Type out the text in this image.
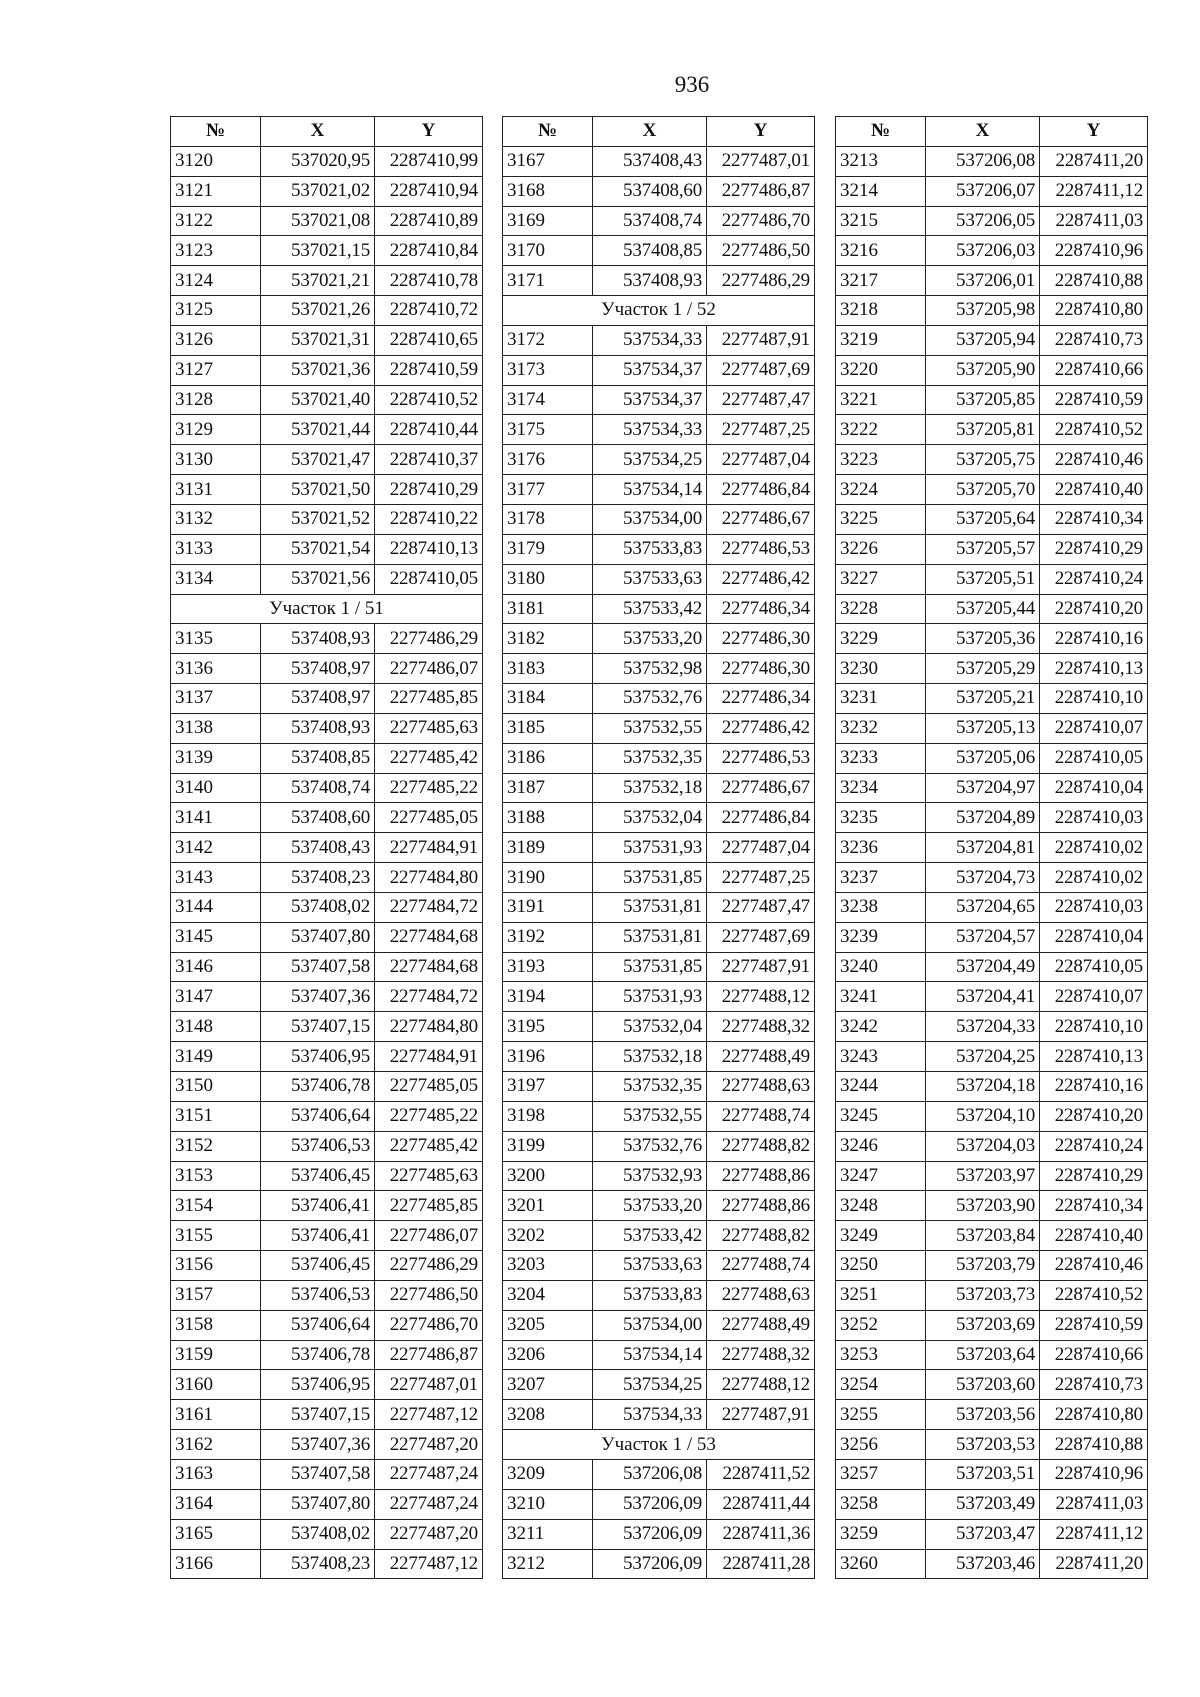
936
№	X	Y
3120	537020,95	2287410,99
3121	537021,02	2287410,94
3122	537021,08	2287410,89
3123	537021,15	2287410,84
3124	537021,21	2287410,78
3125	537021,26	2287410,72
3126	537021,31	2287410,65
3127	537021,36	2287410,59
3128	537021,40	2287410,52
3129	537021,44	2287410,44
3130	537021,47	2287410,37
3131	537021,50	2287410,29
3132	537021,52	2287410,22
3133	537021,54	2287410,13
3134	537021,56	2287410,05
Участок 1 / 51		
3135	537408,93	2277486,29
3136	537408,97	2277486,07
3137	537408,97	2277485,85
3138	537408,93	2277485,63
3139	537408,85	2277485,42
3140	537408,74	2277485,22
3141	537408,60	2277485,05
3142	537408,43	2277484,91
3143	537408,23	2277484,80
3144	537408,02	2277484,72
3145	537407,80	2277484,68
3146	537407,58	2277484,68
3147	537407,36	2277484,72
3148	537407,15	2277484,80
3149	537406,95	2277484,91
3150	537406,78	2277485,05
3151	537406,64	2277485,22
3152	537406,53	2277485,42
3153	537406,45	2277485,63
3154	537406,41	2277485,85
3155	537406,41	2277486,07
3156	537406,45	2277486,29
3157	537406,53	2277486,50
3158	537406,64	2277486,70
3159	537406,78	2277486,87
3160	537406,95	2277487,01
3161	537407,15	2277487,12
3162	537407,36	2277487,20
3163	537407,58	2277487,24
3164	537407,80	2277487,24
3165	537408,02	2277487,20
3166	537408,23	2277487,12
№	X	Y
3167	537408,43	2277487,01
3168	537408,60	2277486,87
3169	537408,74	2277486,70
3170	537408,85	2277486,50
3171	537408,93	2277486,29
Участок 1 / 52		
3172	537534,33	2277487,91
3173	537534,37	2277487,69
3174	537534,37	2277487,47
3175	537534,33	2277487,25
3176	537534,25	2277487,04
3177	537534,14	2277486,84
3178	537534,00	2277486,67
3179	537533,83	2277486,53
3180	537533,63	2277486,42
3181	537533,42	2277486,34
3182	537533,20	2277486,30
3183	537532,98	2277486,30
3184	537532,76	2277486,34
3185	537532,55	2277486,42
3186	537532,35	2277486,53
3187	537532,18	2277486,67
3188	537532,04	2277486,84
3189	537531,93	2277487,04
3190	537531,85	2277487,25
3191	537531,81	2277487,47
3192	537531,81	2277487,69
3193	537531,85	2277487,91
3194	537531,93	2277488,12
3195	537532,04	2277488,32
3196	537532,18	2277488,49
3197	537532,35	2277488,63
3198	537532,55	2277488,74
3199	537532,76	2277488,82
3200	537532,93	2277488,86
3201	537533,20	2277488,86
3202	537533,42	2277488,82
3203	537533,63	2277488,74
3204	537533,83	2277488,63
3205	537534,00	2277488,49
3206	537534,14	2277488,32
3207	537534,25	2277488,12
3208	537534,33	2277487,91
Участок 1 / 53		
3209	537206,08	2287411,52
3210	537206,09	2287411,44
3211	537206,09	2287411,36
3212	537206,09	2287411,28
№	X	Y
3213	537206,08	2287411,20
3214	537206,07	2287411,12
3215	537206,05	2287411,03
3216	537206,03	2287410,96
3217	537206,01	2287410,88
3218	537205,98	2287410,80
3219	537205,94	2287410,73
3220	537205,90	2287410,66
3221	537205,85	2287410,59
3222	537205,81	2287410,52
3223	537205,75	2287410,46
3224	537205,70	2287410,40
3225	537205,64	2287410,34
3226	537205,57	2287410,29
3227	537205,51	2287410,24
3228	537205,44	2287410,20
3229	537205,36	2287410,16
3230	537205,29	2287410,13
3231	537205,21	2287410,10
3232	537205,13	2287410,07
3233	537205,06	2287410,05
3234	537204,97	2287410,04
3235	537204,89	2287410,03
3236	537204,81	2287410,02
3237	537204,73	2287410,02
3238	537204,65	2287410,03
3239	537204,57	2287410,04
3240	537204,49	2287410,05
3241	537204,41	2287410,07
3242	537204,33	2287410,10
3243	537204,25	2287410,13
3244	537204,18	2287410,16
3245	537204,10	2287410,20
3246	537204,03	2287410,24
3247	537203,97	2287410,29
3248	537203,90	2287410,34
3249	537203,84	2287410,40
3250	537203,79	2287410,46
3251	537203,73	2287410,52
3252	537203,69	2287410,59
3253	537203,64	2287410,66
3254	537203,60	2287410,73
3255	537203,56	2287410,80
3256	537203,53	2287410,88
3257	537203,51	2287410,96
3258	537203,49	2287411,03
3259	537203,47	2287411,12
3260	537203,46	2287411,20
